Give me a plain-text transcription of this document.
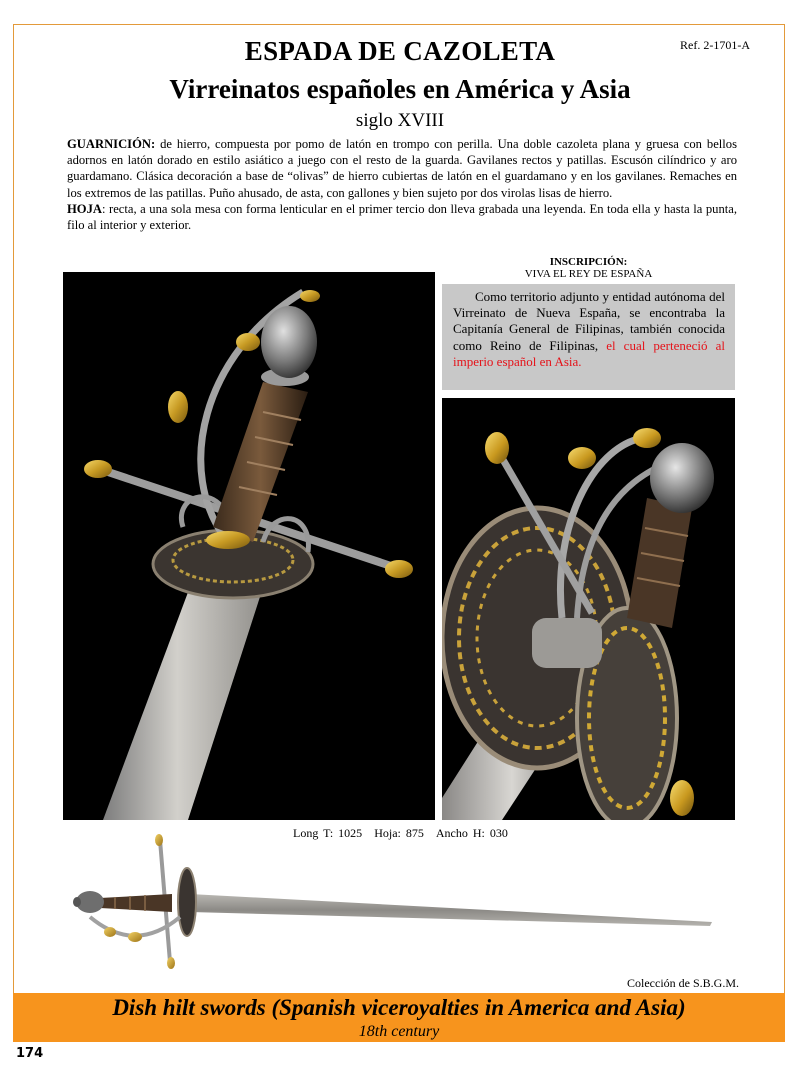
Ref. 2-1701-A
ESPADA DE CAZOLETA
Virreinatos españoles en América y Asia
siglo XVIII

GUARNICIÓN: de hierro, compuesta por pomo de latón en trompo con perilla. Una doble cazoleta plana y gruesa con bellos adornos en latón dorado en estilo asiático a juego con el resto de la guarda. Gavilanes rectos y patillas. Escusón cilíndrico y aro guardamano. Clásica decoración a base de “olivas” de hierro cubiertas de latón en el guardamano y en los gavilanes. Remaches en los extremos de las patillas. Puño ahusado, de asta, con gallones y bien sujeto por dos virolas lisas de hierro.

HOJA: recta, a una sola mesa con forma lenticular en el primer tercio don lleva grabada una leyenda. En toda ella y hasta la punta, filo al interior y exterior.

INSCRIPCIÓN:
VIVA EL REY DE ESPAÑA
Como territorio adjunto y entidad autónoma del Virreinato de Nueva España, se encontraba la Capitanía General de Filipinas, también conocida como Reino de Filipinas, el cual perteneció al imperio español en Asia.
Long T: 1025 Hoja: 875 Ancho H: 030
Colección de S.B.G.M.
Dish hilt swords (Spanish viceroyalties in America and Asia)
18th century
174
